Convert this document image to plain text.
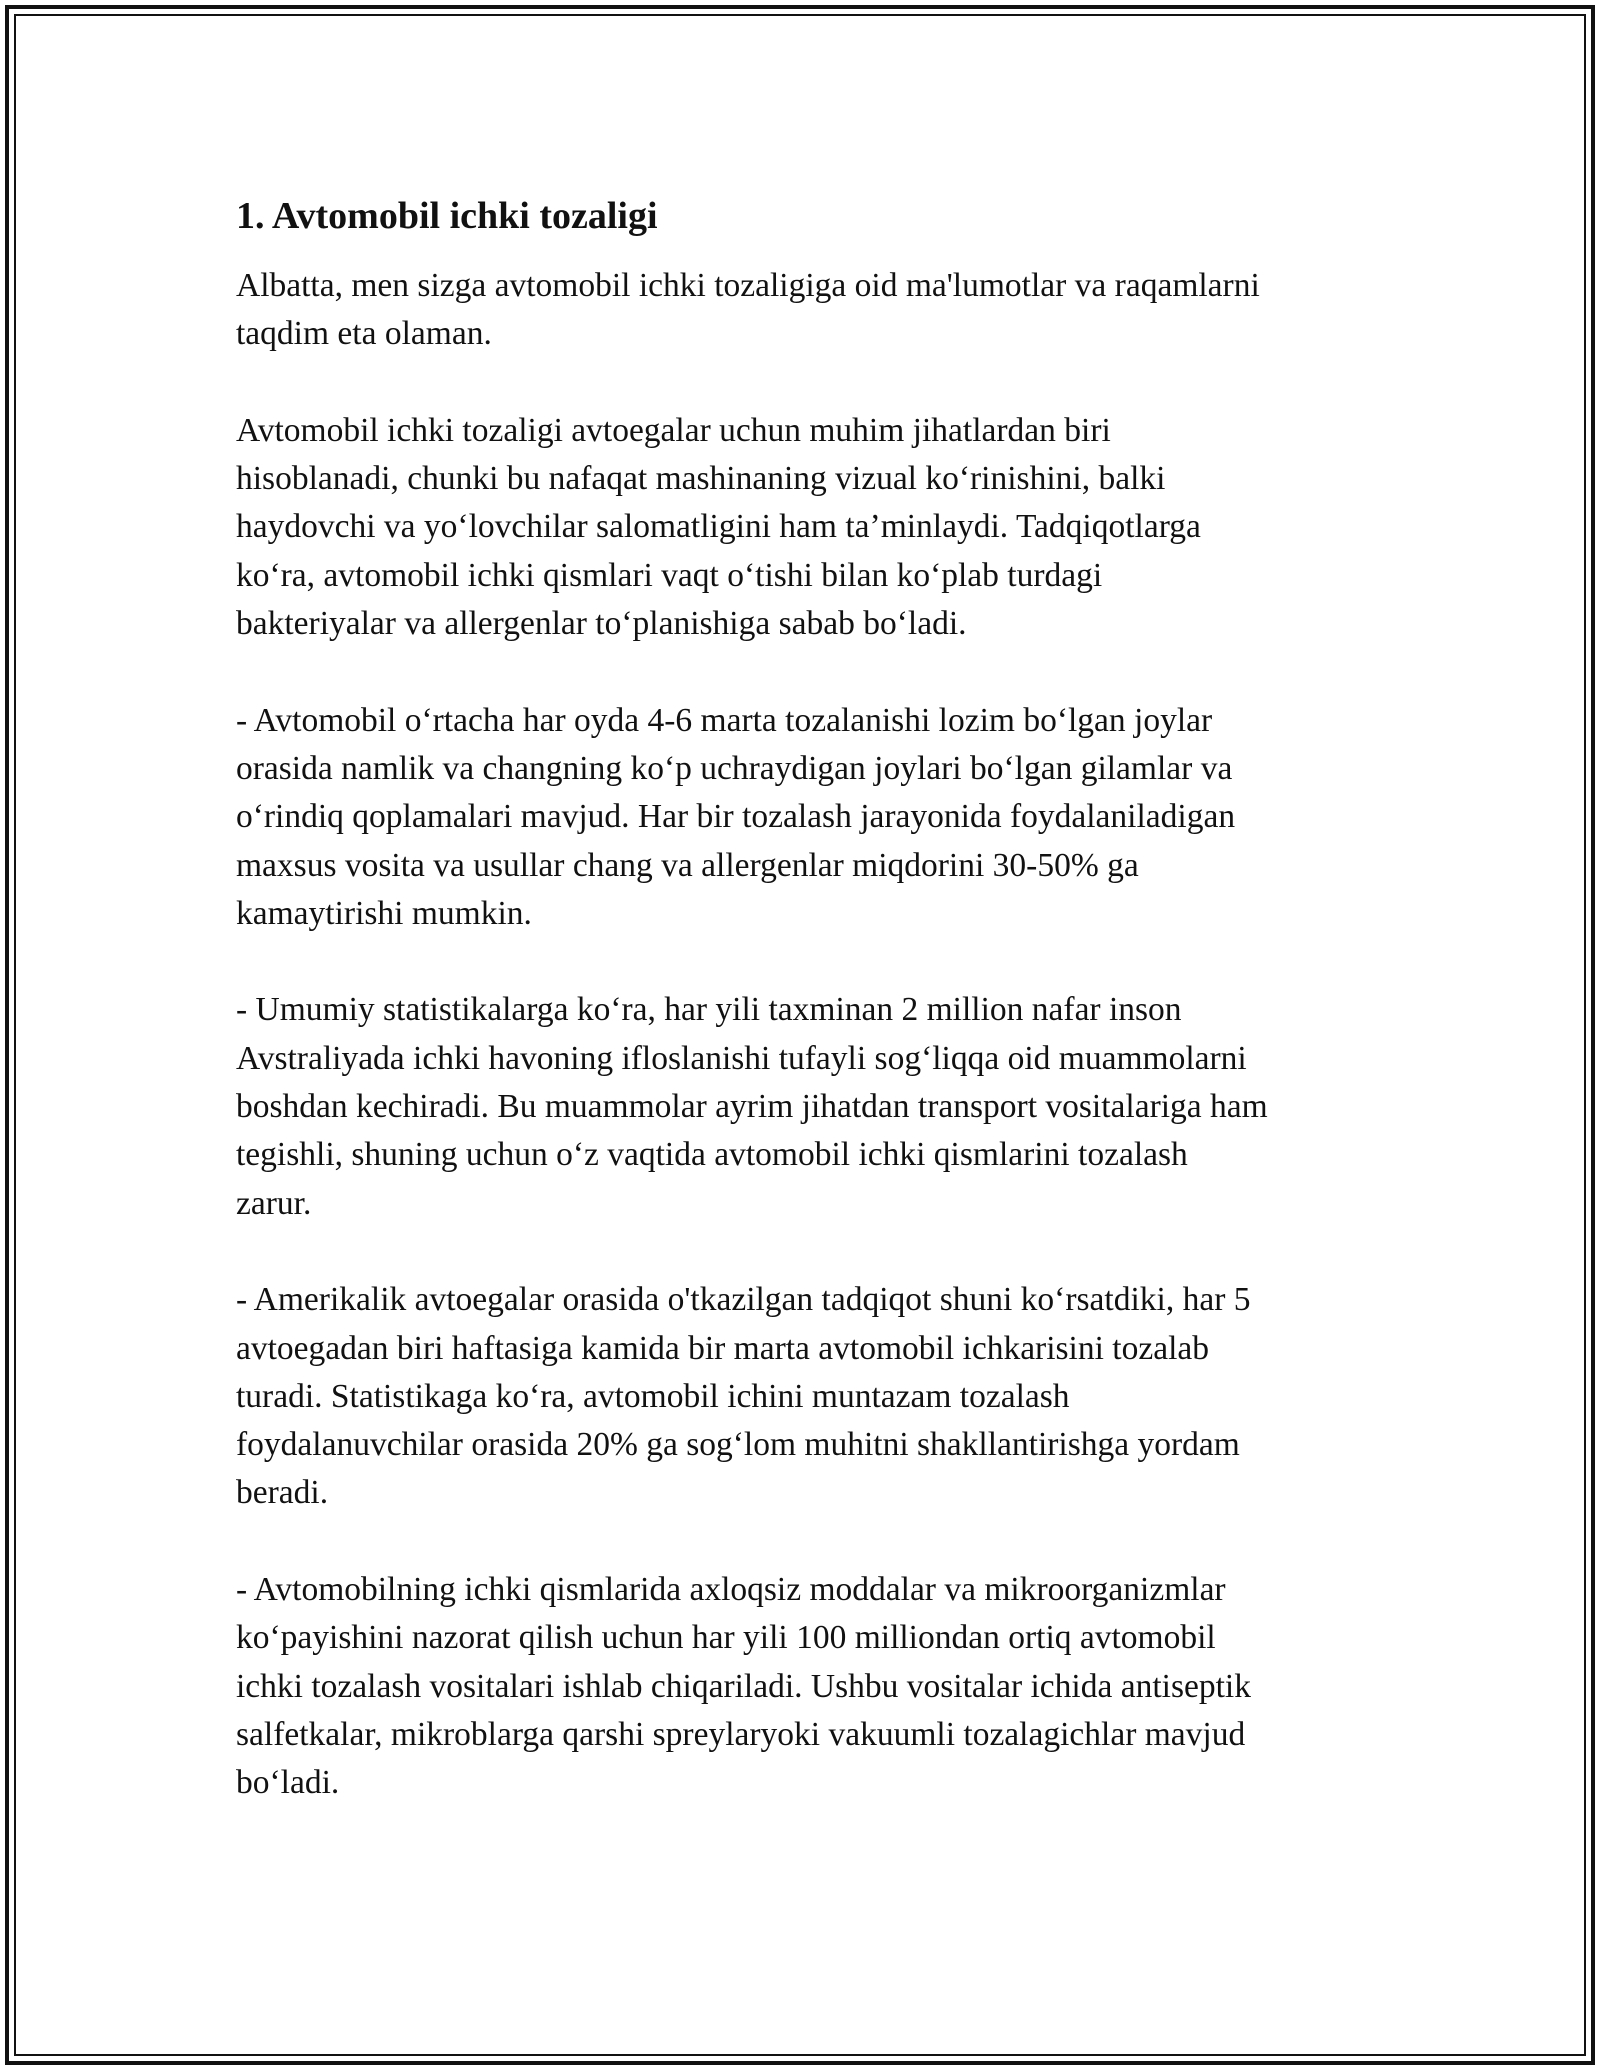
1. Avtomobil ichki tozaligi

Albatta, men sizga avtomobil ichki tozaligiga oid ma'lumotlar va raqamlarni
taqdim eta olaman.

Avtomobil ichki tozaligi avtoegalar uchun muhim jihatlardan biri
hisoblanadi, chunki bu nafaqat mashinaning vizual ko‘rinishini, balki
haydovchi va yo‘lovchilar salomatligini ham ta’minlaydi. Tadqiqotlarga
ko‘ra, avtomobil ichki qismlari vaqt o‘tishi bilan ko‘plab turdagi
bakteriyalar va allergenlar to‘planishiga sabab bo‘ladi.

- Avtomobil o‘rtacha har oyda 4-6 marta tozalanishi lozim bo‘lgan joylar
orasida namlik va changning ko‘p uchraydigan joylari bo‘lgan gilamlar va
o‘rindiq qoplamalari mavjud. Har bir tozalash jarayonida foydalaniladigan
maxsus vosita va usullar chang va allergenlar miqdorini 30-50% ga
kamaytirishi mumkin.

- Umumiy statistikalarga ko‘ra, har yili taxminan 2 million nafar inson
Avstraliyada ichki havoning ifloslanishi tufayli sog‘liqqa oid muammolarni
boshdan kechiradi. Bu muammolar ayrim jihatdan transport vositalariga ham
tegishli, shuning uchun o‘z vaqtida avtomobil ichki qismlarini tozalash
zarur.

- Amerikalik avtoegalar orasida o'tkazilgan tadqiqot shuni ko‘rsatdiki, har 5
avtoegadan biri haftasiga kamida bir marta avtomobil ichkarisini tozalab
turadi. Statistikaga ko‘ra, avtomobil ichini muntazam tozalash
foydalanuvchilar orasida 20% ga sog‘lom muhitni shakllantirishga yordam
beradi.

- Avtomobilning ichki qismlarida axloqsiz moddalar va mikroorganizmlar
ko‘payishini nazorat qilish uchun har yili 100 milliondan ortiq avtomobil
ichki tozalash vositalari ishlab chiqariladi. Ushbu vositalar ichida antiseptik
salfetkalar, mikroblarga qarshi spreylaryoki vakuumli tozalagichlar mavjud
bo‘ladi.
